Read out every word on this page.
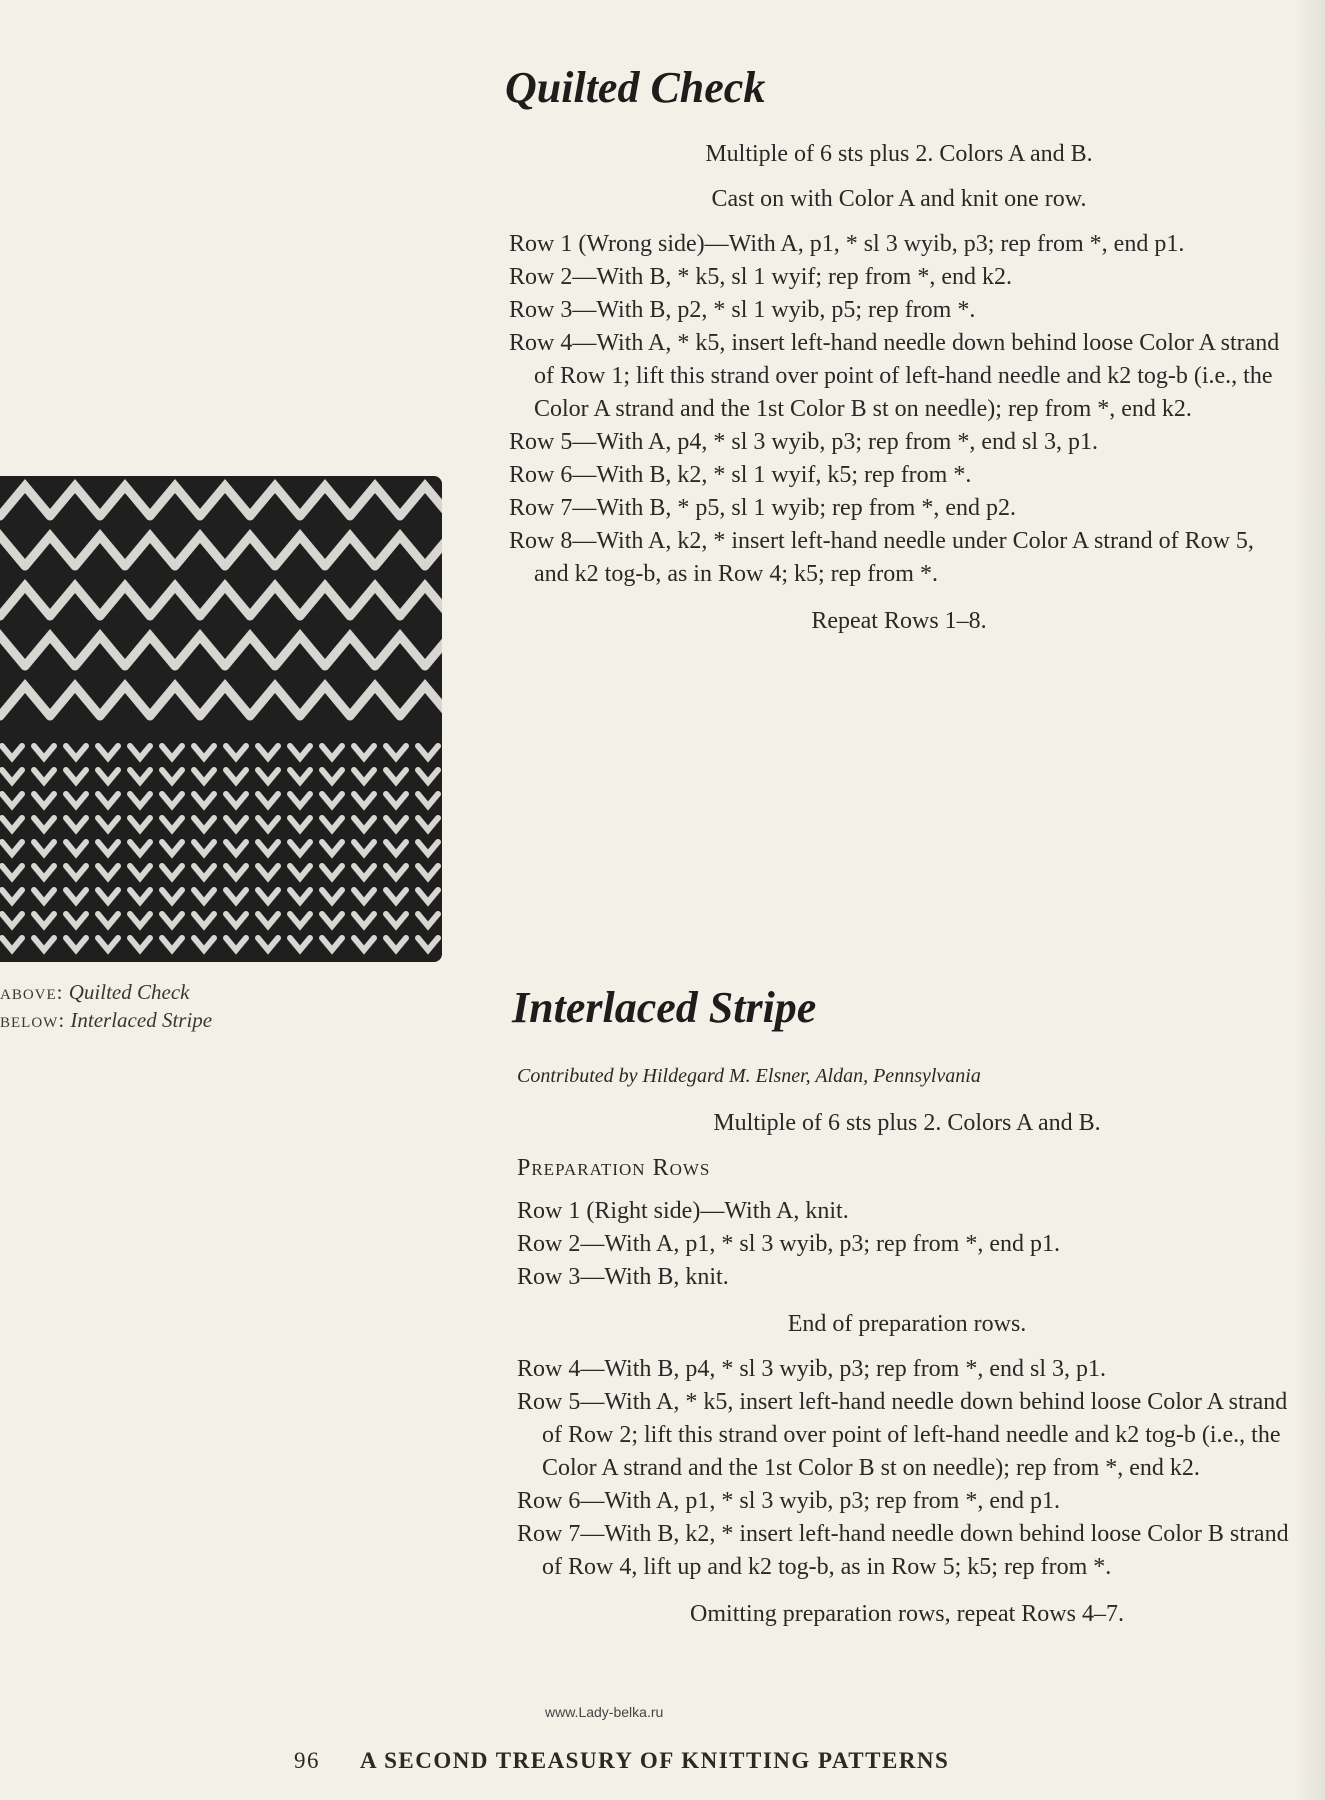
above: Quilted Check
below: Interlaced Stripe
Quilted Check

Multiple of 6 sts plus 2. Colors A and B.

Cast on with Color A and knit one row.

Row 1 (Wrong side)—With A, p1, * sl 3 wyib, p3; rep from *, end p1.

Row 2—With B, * k5, sl 1 wyif; rep from *, end k2.

Row 3—With B, p2, * sl 1 wyib, p5; rep from *.

Row 4—With A, * k5, insert left-hand needle down behind loose Color A strand of Row 1; lift this strand over point of left-hand needle and k2 tog-b (i.e., the Color A strand and the 1st Color B st on needle); rep from *, end k2.

Row 5—With A, p4, * sl 3 wyib, p3; rep from *, end sl 3, p1.

Row 6—With B, k2, * sl 1 wyif, k5; rep from *.

Row 7—With B, * p5, sl 1 wyib; rep from *, end p2.

Row 8—With A, k2, * insert left-hand needle under Color A strand of Row 5, and k2 tog-b, as in Row 4; k5; rep from *.

Repeat Rows 1–8.

Interlaced Stripe

Contributed by Hildegard M. Elsner, Aldan, Pennsylvania

Multiple of 6 sts plus 2. Colors A and B.

Preparation Rows

Row 1 (Right side)—With A, knit.

Row 2—With A, p1, * sl 3 wyib, p3; rep from *, end p1.

Row 3—With B, knit.

End of preparation rows.

Row 4—With B, p4, * sl 3 wyib, p3; rep from *, end sl 3, p1.

Row 5—With A, * k5, insert left-hand needle down behind loose Color A strand of Row 2; lift this strand over point of left-hand needle and k2 tog-b (i.e., the Color A strand and the 1st Color B st on needle); rep from *, end k2.

Row 6—With A, p1, * sl 3 wyib, p3; rep from *, end p1.

Row 7—With B, k2, * insert left-hand needle down behind loose Color B strand of Row 4, lift up and k2 tog-b, as in Row 5; k5; rep from *.

Omitting preparation rows, repeat Rows 4–7.

www.Lady-belka.ru
96 A SECOND TREASURY OF KNITTING PATTERNS
